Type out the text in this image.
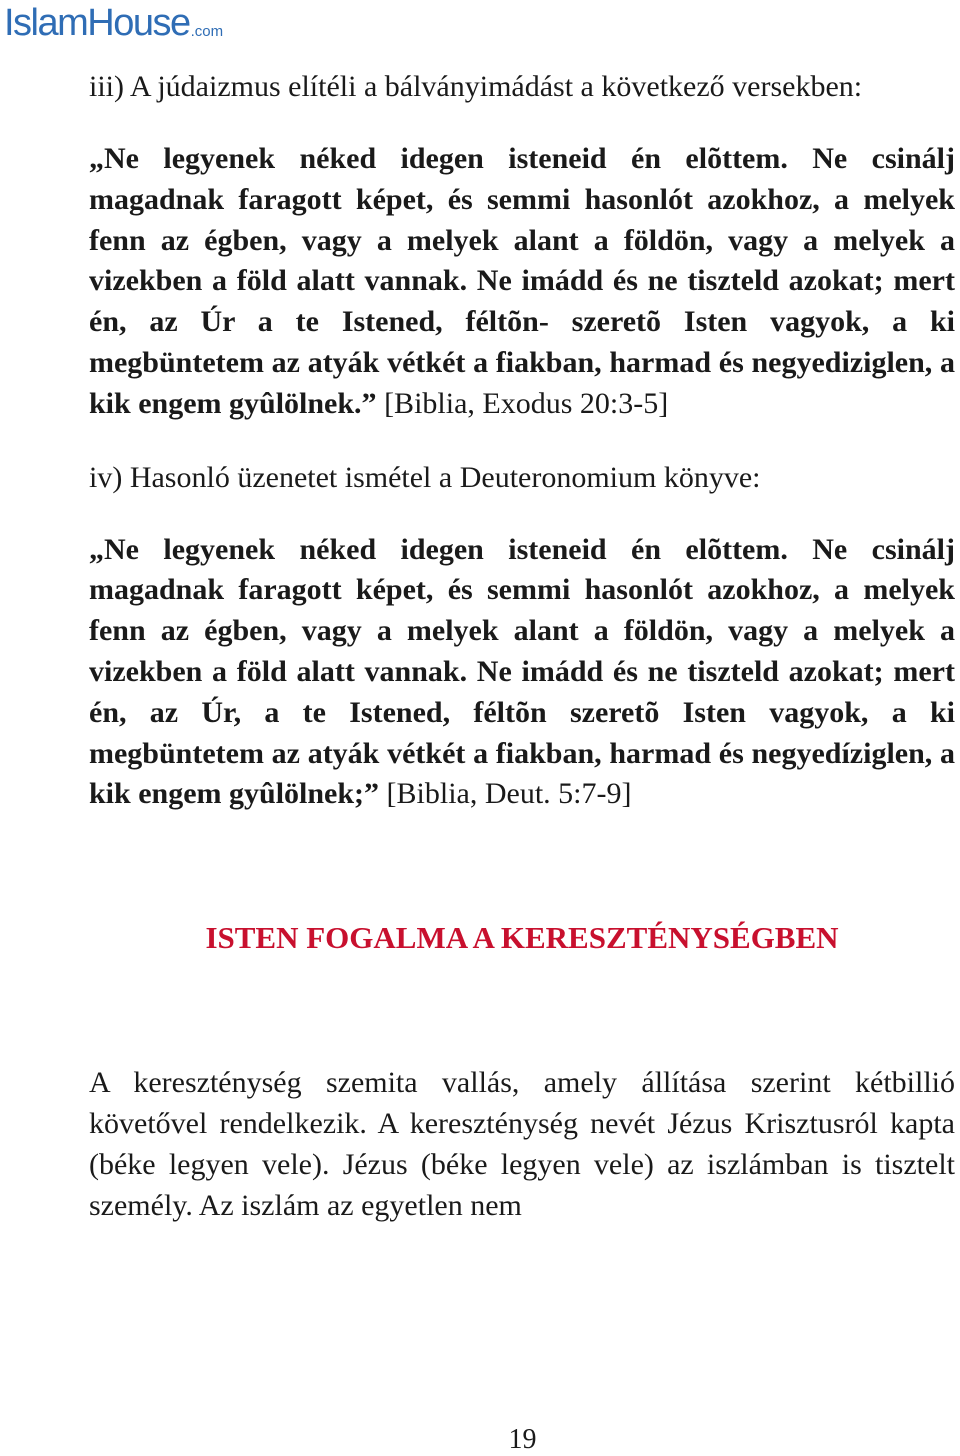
IslamHouse .com

iii) A júdaizmus elítéli a bálványimádást a következő versekben:

„Ne legyenek néked idegen isteneid én elõttem. Ne csinálj magadnak faragott képet, és semmi hasonlót azokhoz, a melyek fenn az égben, vagy a melyek alant a földön, vagy a melyek a vizekben a föld alatt vannak. Ne imádd és ne tiszteld azokat; mert én, az Úr a te Istened, féltõn- szeretõ Isten vagyok, a ki megbüntetem az atyák vétkét a fiakban, harmad és negyediziglen, a kik engem gyûlölnek.” [Biblia, Exodus 20:3-5]

iv) Hasonló üzenetet ismétel a Deuteronomium könyve:

„Ne legyenek néked idegen isteneid én elõttem. Ne csinálj magadnak faragott képet, és semmi hasonlót azokhoz, a melyek fenn az égben, vagy a melyek alant a földön, vagy a melyek a vizekben a föld alatt vannak. Ne imádd és ne tiszteld azokat; mert én, az Úr, a te Istened, féltõn szeretõ Isten vagyok, a ki megbüntetem az atyák vétkét a fiakban, harmad és negyedíziglen, a kik engem gyûlölnek;” [Biblia, Deut. 5:7-9]

ISTEN FOGALMA A KERESZTÉNYSÉGBEN

A kereszténység szemita vallás, amely állítása szerint kétbillió követővel rendelkezik. A kereszténység nevét Jézus Krisztusról kapta (béke legyen vele). Jézus (béke legyen vele) az iszlámban is tisztelt személy. Az iszlám az egyetlen nem

19
